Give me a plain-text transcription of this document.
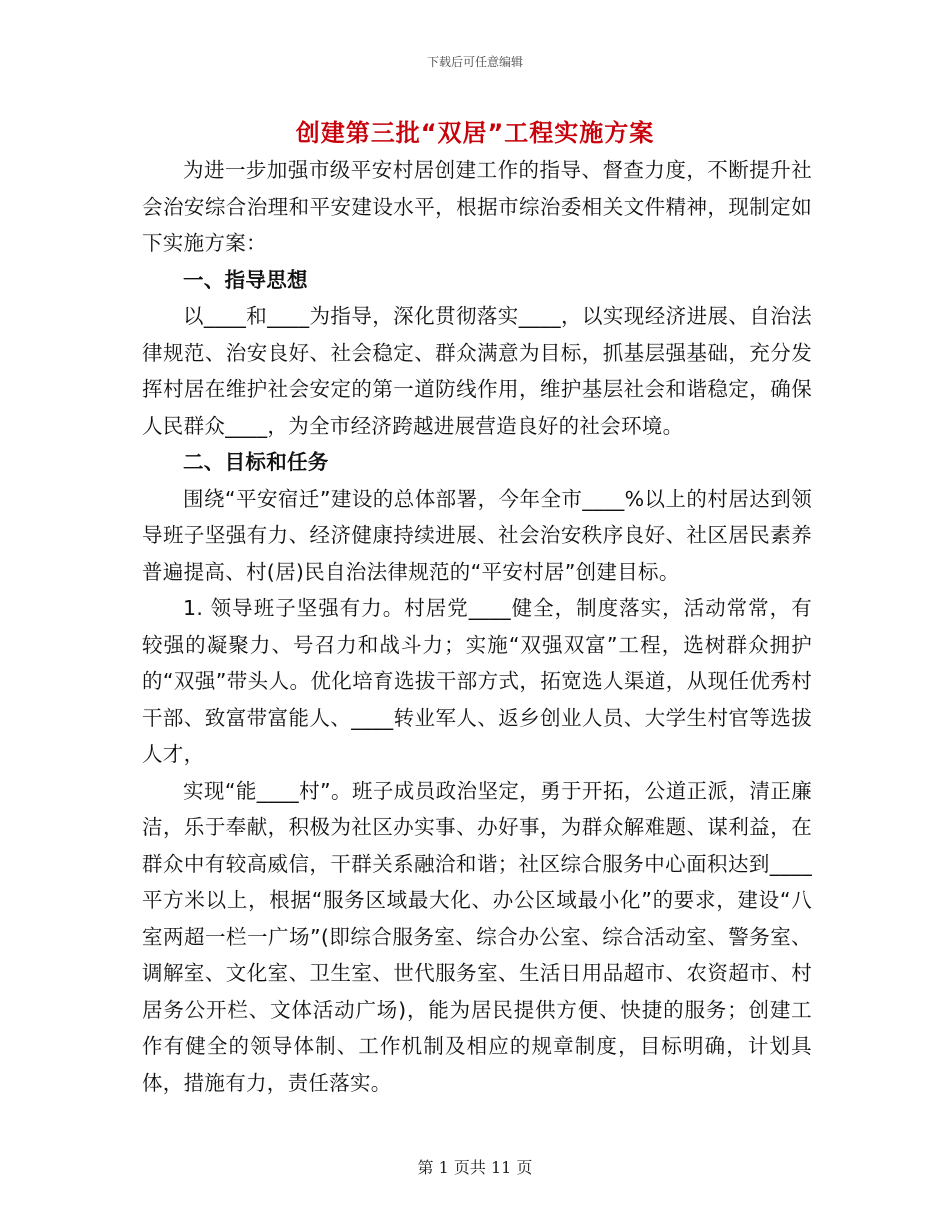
下载后可任意编辑
创建第三批“双居”工程实施方案

为进一步加强市级平安村居创建工作的指导、督查力度，不断提升社会治安综合治理和平安建设水平，根据市综治委相关文件精神，现制定如下实施方案：

一、指导思想

以____和____为指导，深化贯彻落实____，以实现经济进展、自治法律规范、治安良好、社会稳定、群众满意为目标，抓基层强基础，充分发挥村居在维护社会安定的第一道防线作用，维护基层社会和谐稳定，确保人民群众____，为全市经济跨越进展营造良好的社会环境。

二、目标和任务

围绕“平安宿迁”建设的总体部署，今年全市____%以上的村居达到领导班子坚强有力、经济健康持续进展、社会治安秩序良好、社区居民素养普遍提高、村(居)民自治法律规范的“平安村居”创建目标。

1. 领导班子坚强有力。村居党____健全，制度落实，活动常常，有较强的凝聚力、号召力和战斗力；实施“双强双富”工程，选树群众拥护的“双强”带头人。优化培育选拔干部方式，拓宽选人渠道，从现任优秀村干部、致富带富能人、____转业军人、返乡创业人员、大学生村官等选拔人才，

实现“能____村”。班子成员政治坚定，勇于开拓，公道正派，清正廉洁，乐于奉献，积极为社区办实事、办好事，为群众解难题、谋利益，在群众中有较高威信，干群关系融洽和谐；社区综合服务中心面积达到____平方米以上，根据“服务区域最大化、办公区域最小化”的要求，建设“八室两超一栏一广场”(即综合服务室、综合办公室、综合活动室、警务室、调解室、文化室、卫生室、世代服务室、生活日用品超市、农资超市、村居务公开栏、文体活动广场)，能为居民提供方便、快捷的服务；创建工作有健全的领导体制、工作机制及相应的规章制度，目标明确，计划具体，措施有力，责任落实。

第 1 页共 11 页
